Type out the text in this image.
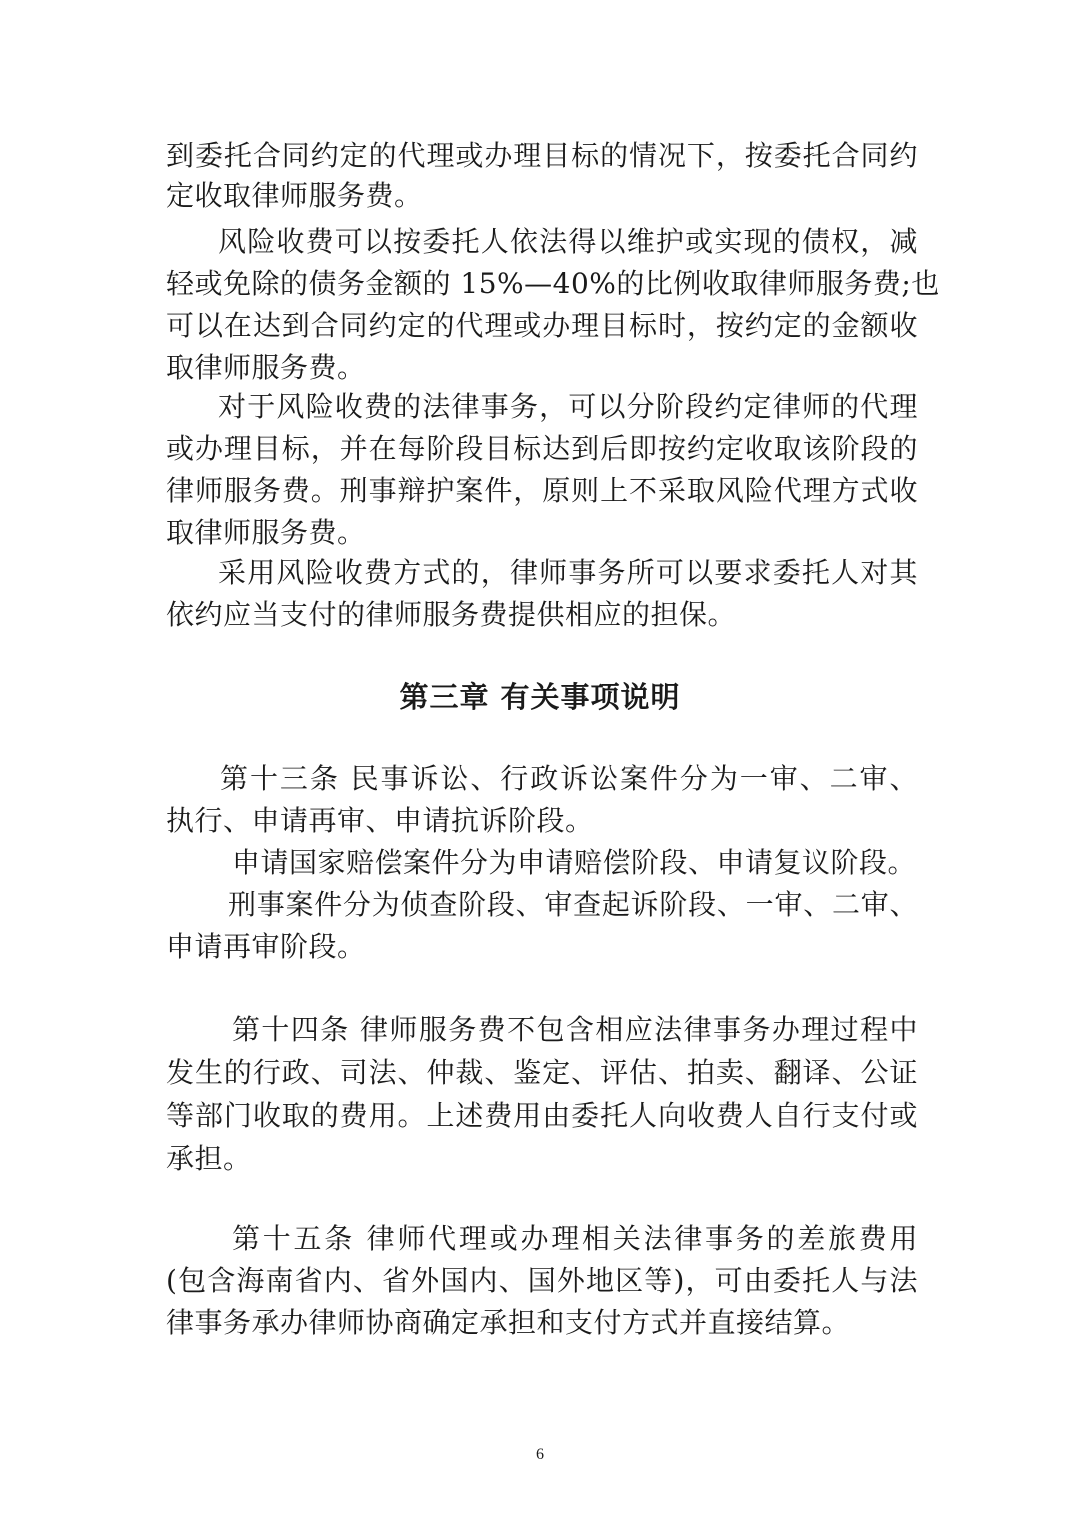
到委托合同约定的代理或办理目标的情况下，按委托合同约
定收取律师服务费。
风险收费可以按委托人依法得以维护或实现的债权，减
轻或免除的债务金额的 15%—40%的比例收取律师服务费;也
可以在达到合同约定的代理或办理目标时，按约定的金额收
取律师服务费。
对于风险收费的法律事务，可以分阶段约定律师的代理
或办理目标，并在每阶段目标达到后即按约定收取该阶段的
律师服务费。刑事辩护案件，原则上不采取风险代理方式收
取律师服务费。
采用风险收费方式的，律师事务所可以要求委托人对其
依约应当支付的律师服务费提供相应的担保。
第三章 有关事项说明
第十三条 民事诉讼、行政诉讼案件分为一审、二审、
执行、申请再审、申请抗诉阶段。
申请国家赔偿案件分为申请赔偿阶段、申请复议阶段。
刑事案件分为侦查阶段、审查起诉阶段、一审、二审、
申请再审阶段。
第十四条 律师服务费不包含相应法律事务办理过程中
发生的行政、司法、仲裁、鉴定、评估、拍卖、翻译、公证
等部门收取的费用。上述费用由委托人向收费人自行支付或
承担。
第十五条 律师代理或办理相关法律事务的差旅费用
(包含海南省内、省外国内、国外地区等)，可由委托人与法
律事务承办律师协商确定承担和支付方式并直接结算。
6
